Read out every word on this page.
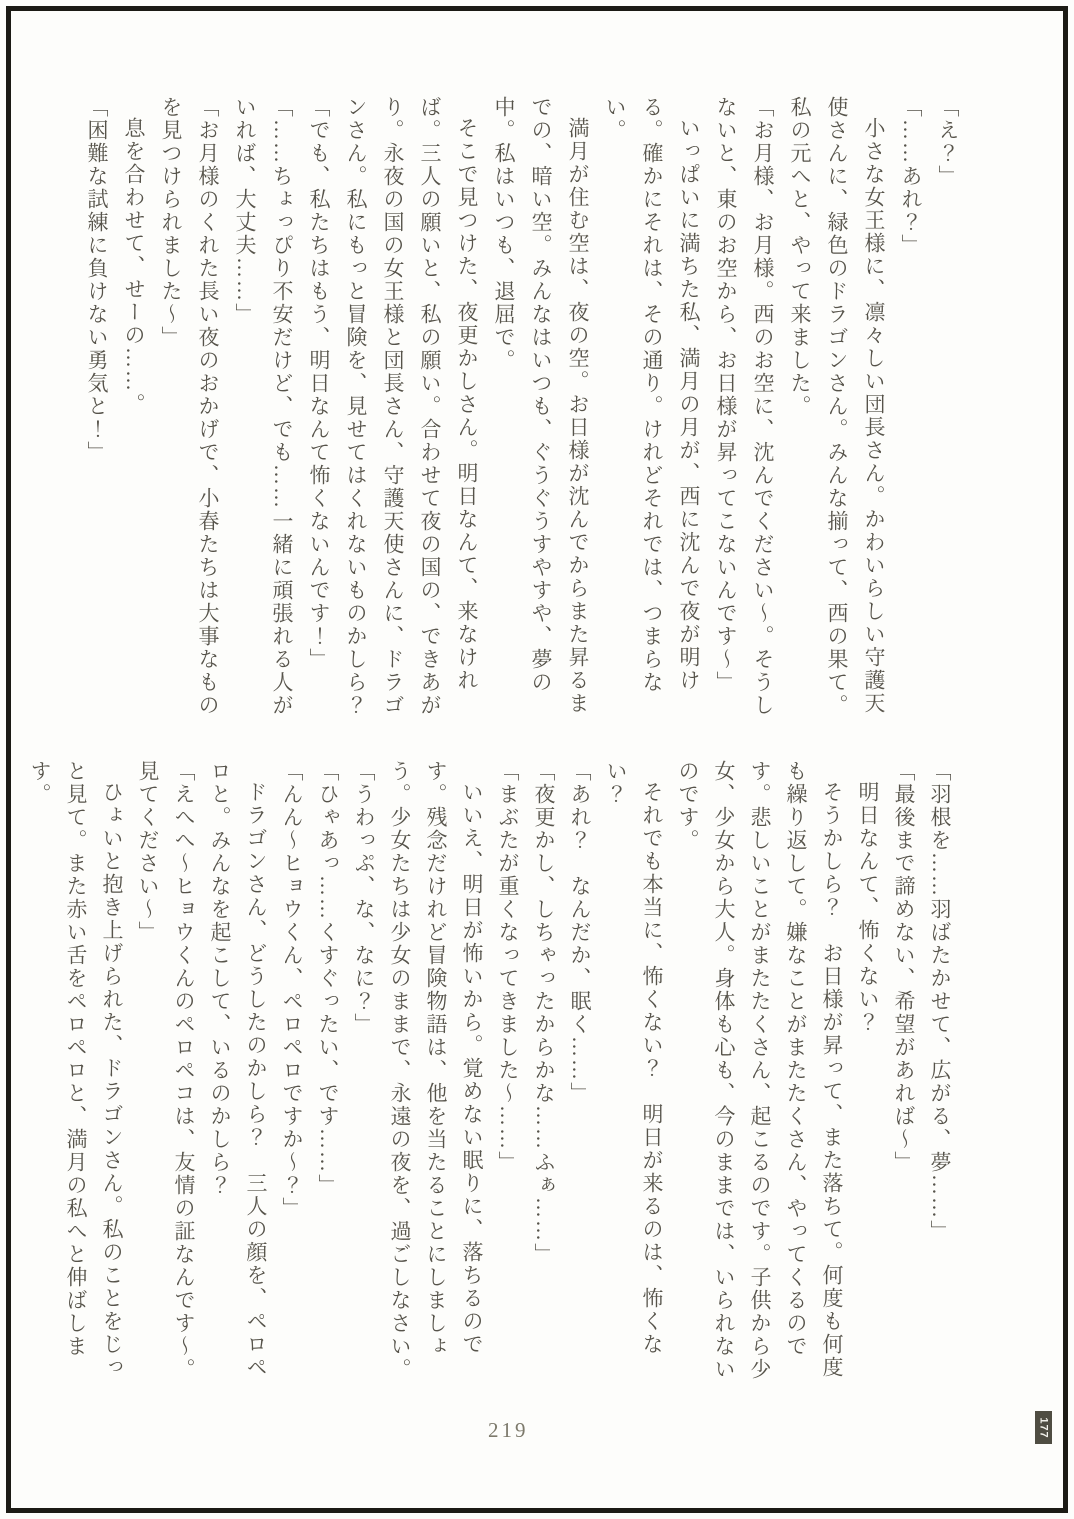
「え？」

「……あれ？」

小さな女王様に、凛々しい団長さん。かわいらしい守護天使さんに、緑色のドラゴンさん。みんな揃って、西の果て。私の元へと、やって来ました。

「お月様、お月様。西のお空に、沈んでください〜。そうしないと、東のお空から、お日様が昇ってこないんです〜」

いっぱいに満ちた私、満月の月が、西に沈んで夜が明ける。確かにそれは、その通り。けれどそれでは、つまらない。

満月が住む空は、夜の空。お日様が沈んでからまた昇るまでの、暗い空。みんなはいつも、ぐうぐうすやすや、夢の中。私はいつも、退屈で。

そこで見つけた、夜更かしさん。明日なんて、来なければ。三人の願いと、私の願い。合わせて夜の国の、できあがり。永夜の国の女王様と団長さん、守護天使さんに、ドラゴンさん。私にもっと冒険を、見せてはくれないものかしら？

「でも、私たちはもう、明日なんて怖くないんです！」

「……ちょっぴり不安だけど、でも……一緒に頑張れる人がいれば、大丈夫……」

「お月様のくれた長い夜のおかげで、小春たちは大事なものを見つけられました〜」

息を合わせて、せーの……。

「困難な試練に負けない勇気と！」

「羽根を……羽ばたかせて、広がる、夢……」

「最後まで諦めない、希望があれば〜」

明日なんて、怖くない？

そうかしら？　お日様が昇って、また落ちて。何度も何度も繰り返して。嫌なことがまたたくさん、やってくるのです。悲しいことがまたたくさん、起こるのです。子供から少女、少女から大人。身体も心も、今のままでは、いられないのです。

それでも本当に、怖くない？　明日が来るのは、怖くない？

「あれ？　なんだか、眠く……」

「夜更かし、しちゃったからかな……ふぁ……」

「まぶたが重くなってきました〜……」

いいえ、明日が怖いから。覚めない眠りに、落ちるのです。残念だけれど冒険物語は、他を当たることにしましょう。少女たちは少女のままで、永遠の夜を、過ごしなさい。

「うわっぷ、な、なに？」

「ひゃあっ……くすぐったい、です……」

「んん〜ヒョウくん、ペロペロですか〜？」

ドラゴンさん、どうしたのかしら？　三人の顔を、ペロペロと。みんなを起こして、いるのかしら？

「えへへ〜ヒョウくんのペロペコは、友情の証なんです〜。見てください〜」

ひょいと抱き上げられた、ドラゴンさん。私のことをじっと見て。また赤い舌をペロペロと、満月の私へと伸ばします。

219	177
